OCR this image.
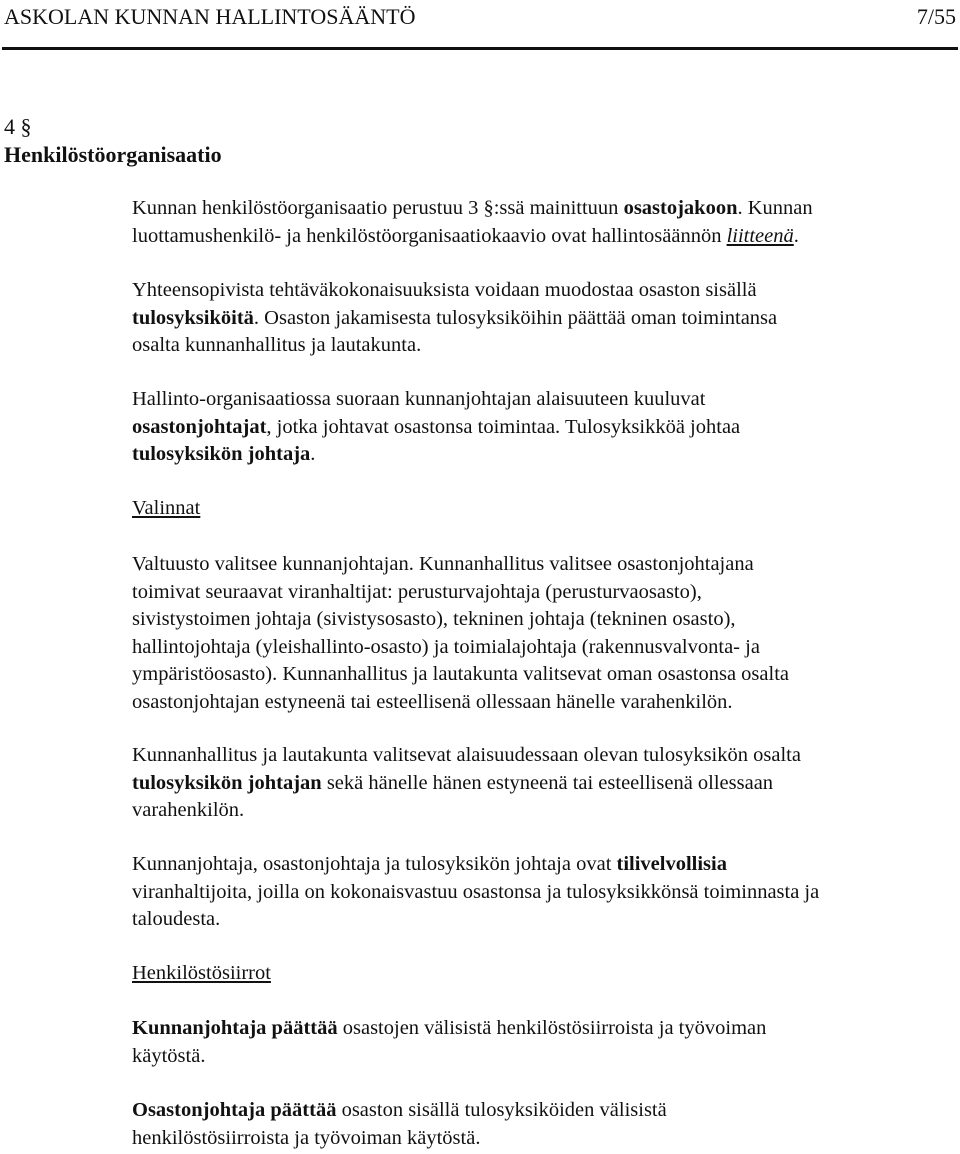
ASKOLAN KUNNAN HALLINTOSÄÄNTÖ	7/55
4 §
Henkilöstöorganisaatio
Kunnan henkilöstöorganisaatio perustuu 3 §:ssä mainittuun osastojakoon. Kunnan
luottamushenkilö- ja henkilöstöorganisaatiokaavio ovat hallintosäännön liitteenä.
Yhteensopivista tehtäväkokonaisuuksista voidaan muodostaa osaston sisällä
tulosyksiköitä. Osaston jakamisesta tulosyksiköihin päättää oman toimintansa
osalta kunnanhallitus ja lautakunta.
Hallinto-organisaatiossa suoraan kunnanjohtajan alaisuuteen kuuluvat
osastonjohtajat, jotka johtavat osastonsa toimintaa. Tulosyksikköä johtaa
tulosyksikön johtaja.
Valinnat
Valtuusto valitsee kunnanjohtajan. Kunnanhallitus valitsee osastonjohtajana
toimivat seuraavat viranhaltijat: perusturvajohtaja (perusturvaosasto),
sivistystoimen johtaja (sivistysosasto), tekninen johtaja (tekninen osasto),
hallintojohtaja (yleishallinto-osasto) ja toimialajohtaja (rakennusvalvonta- ja
ympäristöosasto). Kunnanhallitus ja lautakunta valitsevat oman osastonsa osalta
osastonjohtajan estyneenä tai esteellisenä ollessaan hänelle varahenkilön.
Kunnanhallitus ja lautakunta valitsevat alaisuudessaan olevan tulosyksikön osalta
tulosyksikön johtajan sekä hänelle hänen estyneenä tai esteellisenä ollessaan
varahenkilön.
Kunnanjohtaja, osastonjohtaja ja tulosyksikön johtaja ovat tilivelvollisia
viranhaltijoita, joilla on kokonaisvastuu osastonsa ja tulosyksikkönsä toiminnasta ja
taloudesta.
Henkilöstösiirrot
Kunnanjohtaja päättää osastojen välisistä henkilöstösiirroista ja työvoiman
käytöstä.
Osastonjohtaja päättää osaston sisällä tulosyksiköiden välisistä
henkilöstösiirroista ja työvoiman käytöstä.
